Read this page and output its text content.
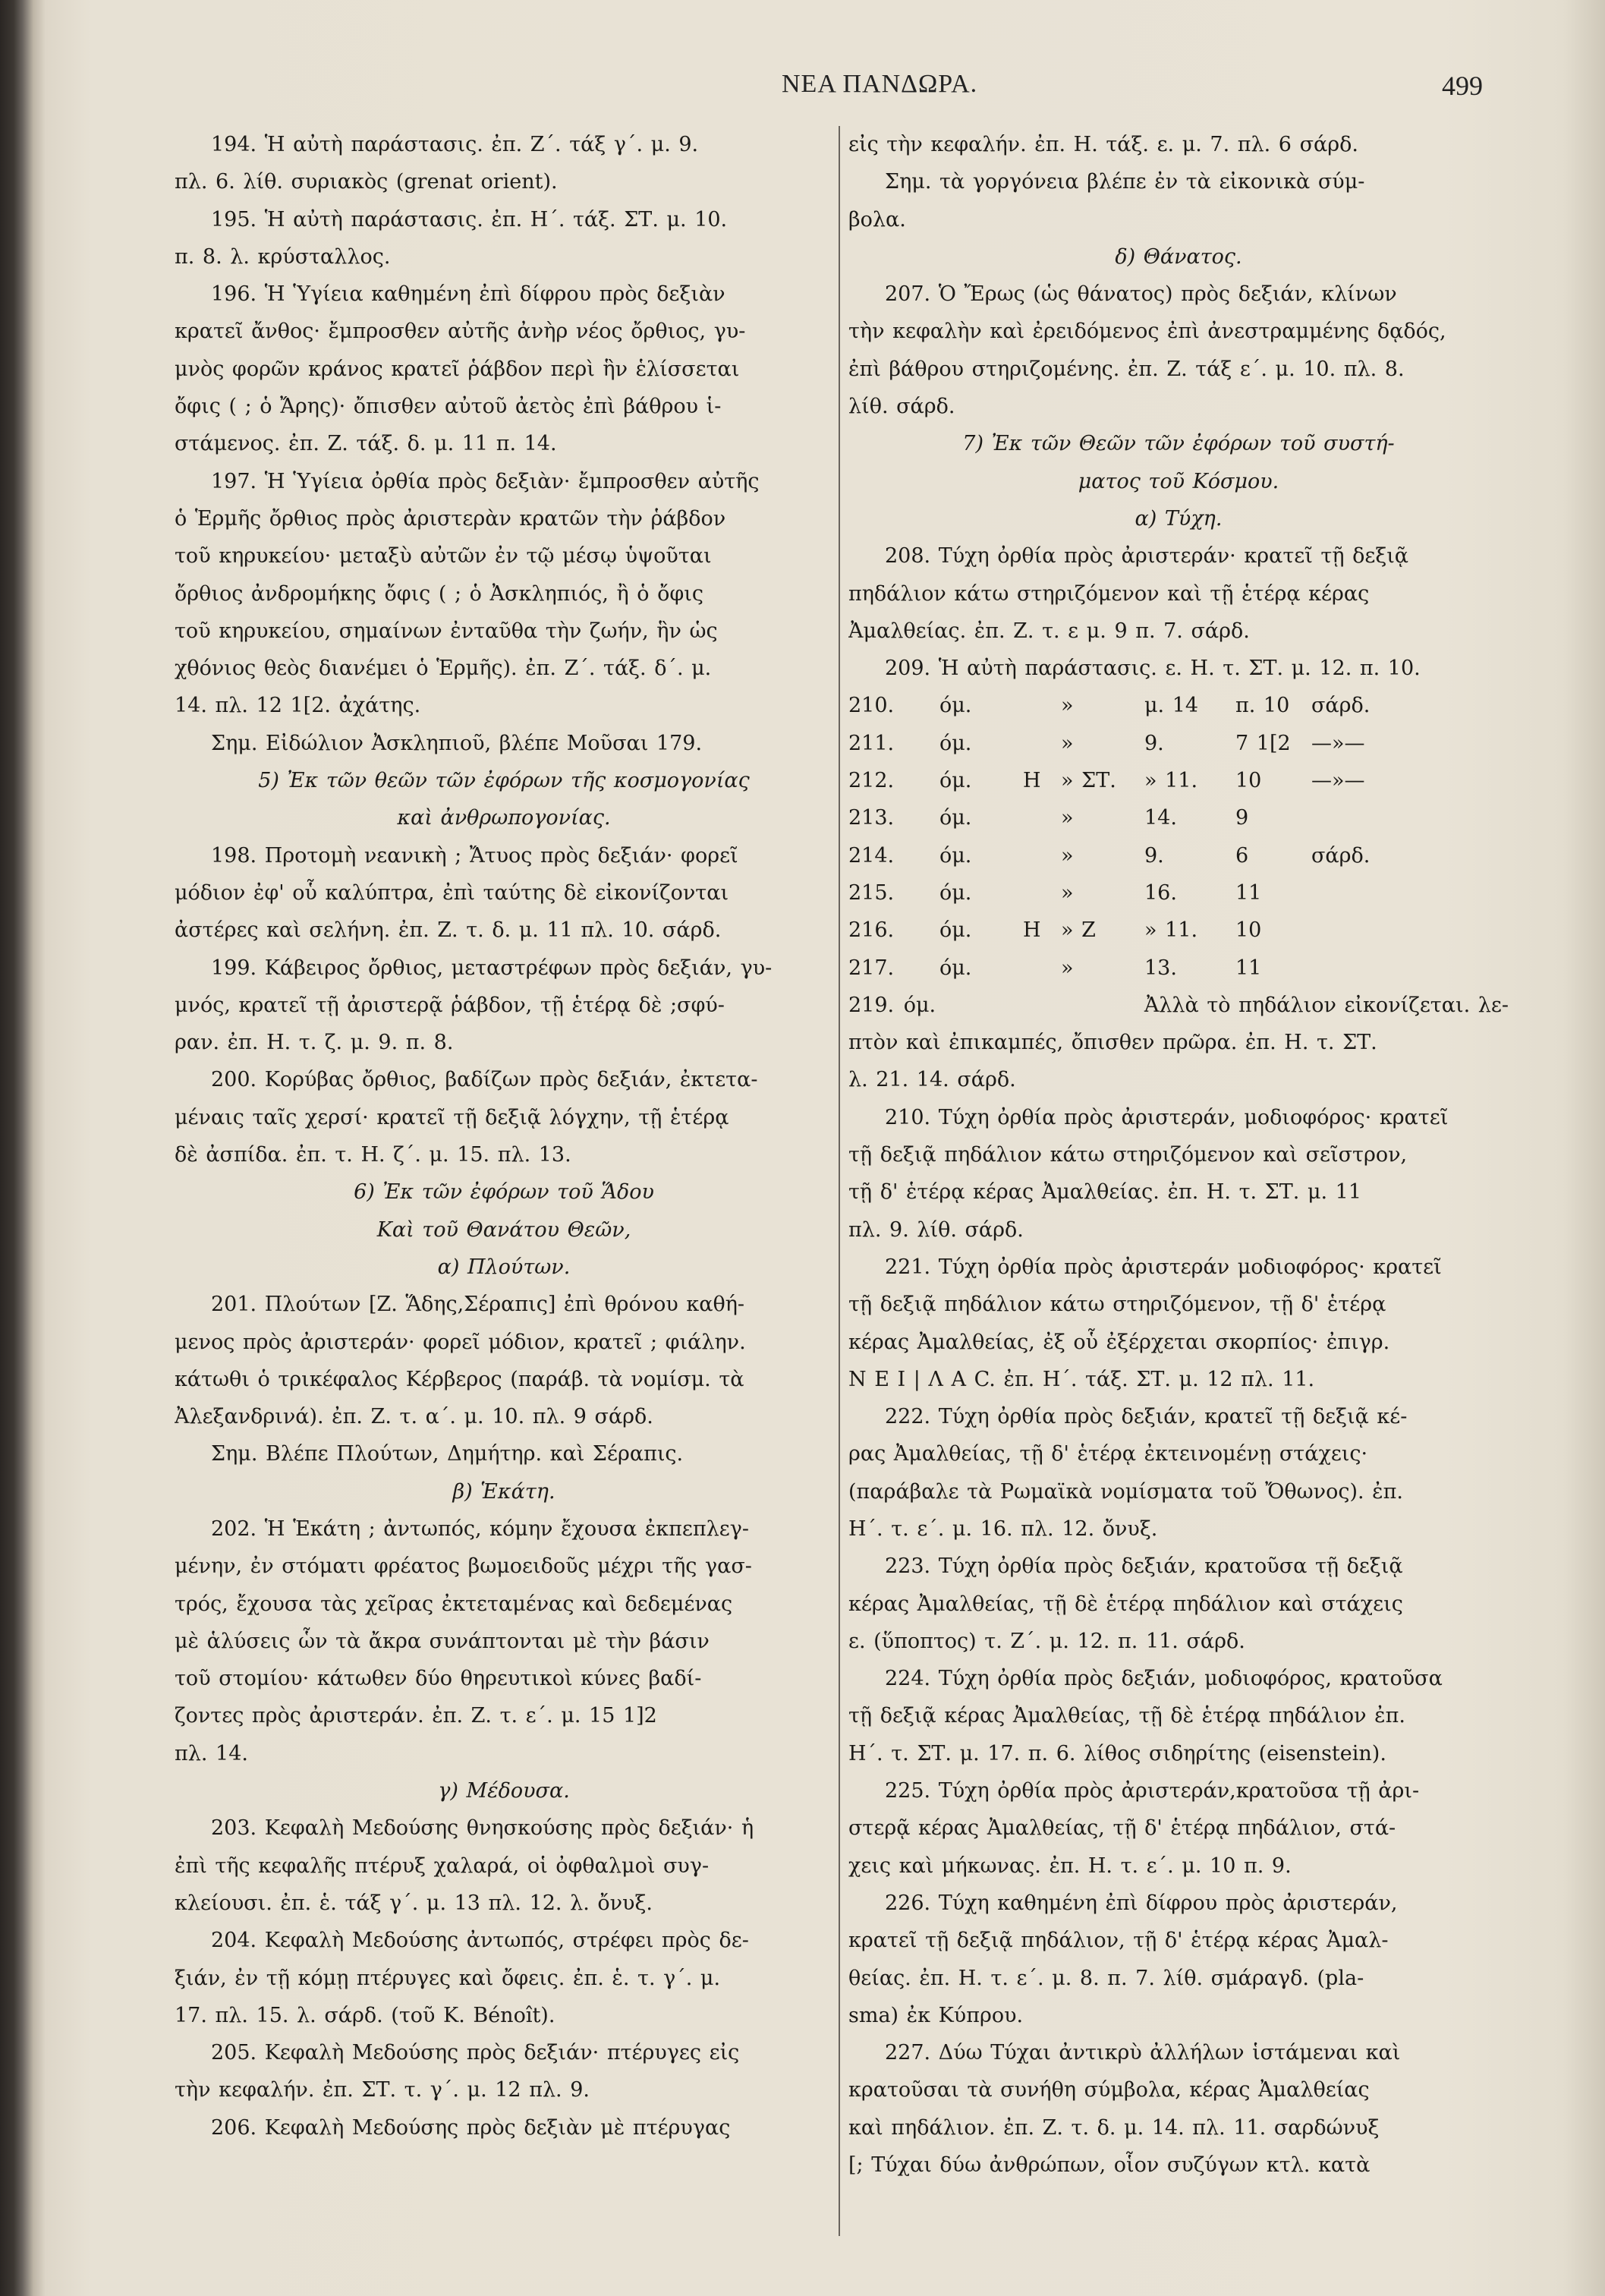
ΝΕΑ ΠΑΝΔΩΡΑ.	499
194. Ἡ αὐτὴ παράστασις. ἐπ. Ζ΄. τάξ γ΄. μ. 9.
πλ. 6. λίθ. συριακὸς (grenat orient).
195. Ἡ αὐτὴ παράστασις. ἐπ. Η΄. τάξ. ΣΤ. μ. 10.
π. 8. λ. κρύσταλλος.
196. Ἡ Ὑγίεια καθημένη ἐπὶ δίφρου πρὸς δεξιὰν
κρατεῖ ἄνθος· ἔμπροσθεν αὐτῆς ἀνὴρ νέος ὄρθιος, γυ-
μνὸς φορῶν κράνος κρατεῖ ῥάβδον περὶ ἣν ἑλίσσεται
ὄφις ( ; ὁ Ἄρης)· ὄπισθεν αὐτοῦ ἀετὸς ἐπὶ βάθρου ἱ-
στάμενος. ἐπ. Ζ. τάξ. δ. μ. 11 π. 14.
197. Ἡ Ὑγίεια ὀρθία πρὸς δεξιὰν· ἔμπροσθεν αὐτῆς
ὁ Ἑρμῆς ὄρθιος πρὸς ἀριστερὰν κρατῶν τὴν ῥάβδον
τοῦ κηρυκείου· μεταξὺ αὐτῶν ἐν τῷ μέσῳ ὑψοῦται
ὄρθιος ἀνδρομήκης ὄφις ( ; ὁ Ἀσκληπιός, ἢ ὁ ὄφις
τοῦ κηρυκείου, σημαίνων ἐνταῦθα τὴν ζωήν, ἣν ὡς
χθόνιος θεὸς διανέμει ὁ Ἑρμῆς). ἐπ. Ζ΄. τάξ. δ΄. μ.
14. πλ. 12 1[2. ἀχάτης.
Σημ. Εἰδώλιον Ἀσκληπιοῦ, βλέπε Μοῦσαι 179.
5) Ἐκ τῶν θεῶν τῶν ἐφόρων τῆς κοσμογονίας
καὶ ἀνθρωπογονίας.
198. Προτομὴ νεανικὴ ; Ἄτυος πρὸς δεξιάν· φορεῖ
μόδιον ἐφ' οὗ καλύπτρα, ἐπὶ ταύτης δὲ εἰκονίζονται
ἀστέρες καὶ σελήνη. ἐπ. Ζ. τ. δ. μ. 11 πλ. 10. σάρδ.
199. Κάβειρος ὄρθιος, μεταστρέφων πρὸς δεξιάν, γυ-
μνός, κρατεῖ τῇ ἀριστερᾷ ῥάβδον, τῇ ἑτέρᾳ δὲ ;σφύ-
ραν. ἐπ. Η. τ. ζ. μ. 9. π. 8.
200. Κορύβας ὄρθιος, βαδίζων πρὸς δεξιάν, ἐκτετα-
μέναις ταῖς χερσί· κρατεῖ τῇ δεξιᾷ λόγχην, τῇ ἑτέρᾳ
δὲ ἀσπίδα. ἐπ. τ. Η. ζ΄. μ. 15. πλ. 13.
6) Ἐκ τῶν ἐφόρων τοῦ Ἅδου
Καὶ τοῦ Θανάτου Θεῶν,
α) Πλούτων.
201. Πλούτων [Ζ. Ἅδης,Σέραπις] ἐπὶ θρόνου καθή-
μενος πρὸς ἀριστεράν· φορεῖ μόδιον, κρατεῖ ; φιάλην.
κάτωθι ὁ τρικέφαλος Κέρβερος (παράβ. τὰ νομίσμ. τὰ
Ἀλεξανδρινά). ἐπ. Ζ. τ. α΄. μ. 10. πλ. 9 σάρδ.
Σημ. Βλέπε Πλούτων, Δημήτηρ. καὶ Σέραπις.
β) Ἑκάτη.
202. Ἡ Ἑκάτη ; ἀντωπός, κόμην ἔχουσα ἐκπεπλεγ-
μένην, ἐν στόματι φρέατος βωμοειδοῦς μέχρι τῆς γασ-
τρός, ἔχουσα τὰς χεῖρας ἐκτεταμένας καὶ δεδεμένας
μὲ ἁλύσεις ὧν τὰ ἄκρα συνάπτονται μὲ τὴν βάσιν
τοῦ στομίου· κάτωθεν δύο θηρευτικοὶ κύνες βαδί-
ζοντες πρὸς ἀριστεράν. ἐπ. Ζ. τ. ε΄. μ. 15 1]2
πλ. 14.
γ) Μέδουσα.
203. Κεφαλὴ Μεδούσης θνησκούσης πρὸς δεξιάν· ἡ
ἐπὶ τῆς κεφαλῆς πτέρυξ χαλαρά, οἱ ὀφθαλμοὶ συγ-
κλείουσι. ἐπ. ἑ. τάξ γ΄. μ. 13 πλ. 12. λ. ὄνυξ.
204. Κεφαλὴ Μεδούσης ἀντωπός, στρέφει πρὸς δε-
ξιάν, ἐν τῇ κόμῃ πτέρυγες καὶ ὄφεις. ἐπ. ἑ. τ. γ΄. μ.
17. πλ. 15. λ. σάρδ. (τοῦ Κ. Bénoît).
205. Κεφαλὴ Μεδούσης πρὸς δεξιάν· πτέρυγες εἰς
τὴν κεφαλήν. ἐπ. ΣΤ. τ. γ΄. μ. 12 πλ. 9.
206. Κεφαλὴ Μεδούσης πρὸς δεξιὰν μὲ πτέρυγας
εἰς τὴν κεφαλήν. ἐπ. Η. τάξ. ε. μ. 7. πλ. 6 σάρδ.
Σημ. τὰ γοργόνεια βλέπε ἐν τὰ εἰκονικὰ σύμ-
βολα.
δ) Θάνατος.
207. Ὁ Ἔρως (ὡς θάνατος) πρὸς δεξιάν, κλίνων
τὴν κεφαλὴν καὶ ἐρειδόμενος ἐπὶ ἀνεστραμμένης δᾳδός,
ἐπὶ βάθρου στηριζομένης. ἐπ. Ζ. τάξ ε΄. μ. 10. πλ. 8.
λίθ. σάρδ.
7) Ἐκ τῶν Θεῶν τῶν ἐφόρων τοῦ συστή-
ματος τοῦ Κόσμου.
α) Τύχη.
208. Τύχη ὀρθία πρὸς ἀριστεράν· κρατεῖ τῇ δεξιᾷ
πηδάλιον κάτω στηριζόμενον καὶ τῇ ἑτέρᾳ κέρας
Ἀμαλθείας. ἐπ. Ζ. τ. ε μ. 9 π. 7. σάρδ.
209. Ἡ αὐτὴ παράστασις. ε. Η. τ. ΣΤ. μ. 12. π. 10.
210.	όμ.	»	μ. 14	π. 10	σάρδ.
211.	όμ.	»	9.	7 1[2	—»—
212.	όμ.	Η » ΣΤ.	» 11.	10	—»—
213.	όμ.	»	14.	9
214.	όμ.	»	9.	6	σάρδ.
215.	όμ.	»	16.	11
216.	όμ.	Η » Ζ	» 11.	10
217.	όμ.	»	13.	11
219. όμ.	Ἀλλὰ τὸ πηδάλιον εἰκονίζεται. λε-
πτὸν καὶ ἐπικαμπές, ὄπισθεν πρῶρα. ἐπ. Η. τ. ΣΤ.
λ. 21. 14. σάρδ.
210. Τύχη ὀρθία πρὸς ἀριστεράν, μοδιοφόρος· κρατεῖ
τῇ δεξιᾷ πηδάλιον κάτω στηριζόμενον καὶ σεῖστρον,
τῇ δ' ἑτέρᾳ κέρας Ἀμαλθείας. ἐπ. Η. τ. ΣΤ. μ. 11
πλ. 9. λίθ. σάρδ.
221. Τύχη ὀρθία πρὸς ἀριστεράν μοδιοφόρος· κρατεῖ
τῇ δεξιᾷ πηδάλιον κάτω στηριζόμενον, τῇ δ' ἑτέρᾳ
κέρας Ἀμαλθείας, ἐξ οὗ ἐξέρχεται σκορπίος· ἐπιγρ.
Ν Ε Ι | Λ Α C. ἐπ. Η΄. τάξ. ΣΤ. μ. 12 πλ. 11.
222. Τύχη ὀρθία πρὸς δεξιάν, κρατεῖ τῇ δεξιᾷ κέ-
ρας Ἀμαλθείας, τῇ δ' ἑτέρᾳ ἐκτεινομένῃ στάχεις·
(παράβαλε τὰ Ρωμαϊκὰ νομίσματα τοῦ Ὄθωνος). ἐπ.
Η΄. τ. ε΄. μ. 16. πλ. 12. ὄνυξ.
223. Τύχη ὀρθία πρὸς δεξιάν, κρατοῦσα τῇ δεξιᾷ
κέρας Ἀμαλθείας, τῇ δὲ ἑτέρᾳ πηδάλιον καὶ στάχεις
ε. (ὕποπτος) τ. Ζ΄. μ. 12. π. 11. σάρδ.
224. Τύχη ὀρθία πρὸς δεξιάν, μοδιοφόρος, κρατοῦσα
τῇ δεξιᾷ κέρας Ἀμαλθείας, τῇ δὲ ἑτέρᾳ πηδάλιον ἐπ.
Η΄. τ. ΣΤ. μ. 17. π. 6. λίθος σιδηρίτης (eisenstein).
225. Τύχη ὀρθία πρὸς ἀριστεράν,κρατοῦσα τῇ ἀρι-
στερᾷ κέρας Ἀμαλθείας, τῇ δ' ἑτέρᾳ πηδάλιον, στά-
χεις καὶ μήκωνας. ἐπ. Η. τ. ε΄. μ. 10 π. 9.
226. Τύχη καθημένη ἐπὶ δίφρου πρὸς ἀριστεράν,
κρατεῖ τῇ δεξιᾷ πηδάλιον, τῇ δ' ἑτέρᾳ κέρας Ἀμαλ-
θείας. ἐπ. Η. τ. ε΄. μ. 8. π. 7. λίθ. σμάραγδ. (pla-
sma) ἐκ Κύπρου.
227. Δύω Τύχαι ἀντικρὺ ἀλλήλων ἱστάμεναι καὶ
κρατοῦσαι τὰ συνήθη σύμβολα, κέρας Ἀμαλθείας
καὶ πηδάλιον. ἐπ. Ζ. τ. δ. μ. 14. πλ. 11. σαρδώνυξ
[; Τύχαι δύω ἀνθρώπων, οἷον συζύγων κτλ. κατὰ
